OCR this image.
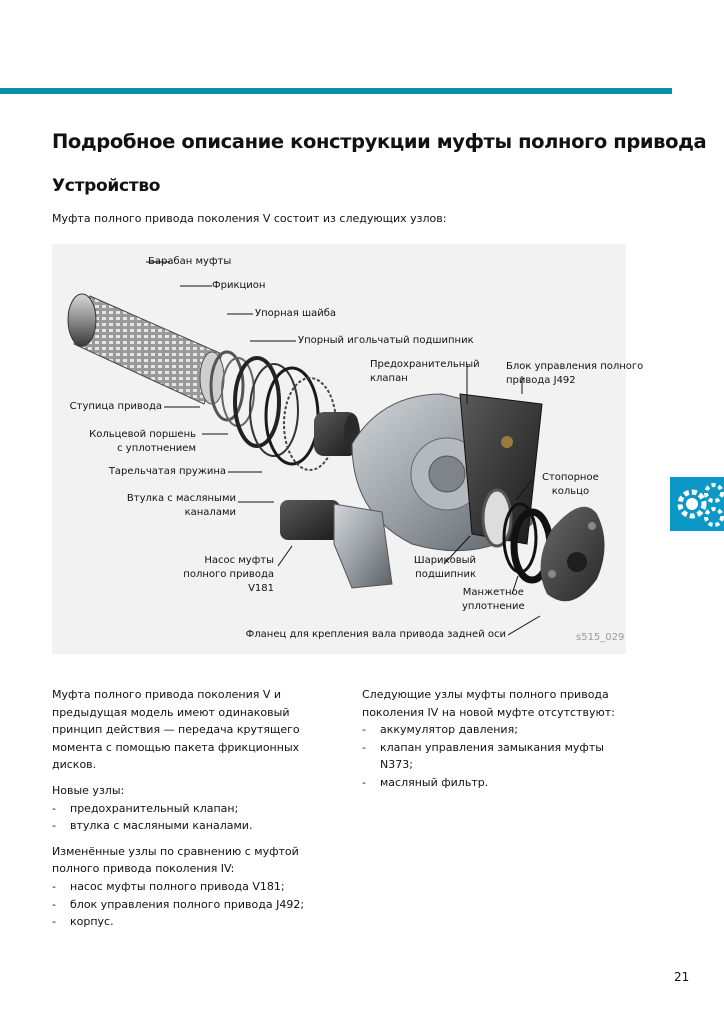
Подробное описание конструкции муфты полного привода
Устройство
Муфта полного привода поколения V состоит из следующих узлов:
Барабан муфты
Фрикцион
Упорная шайба
Упорный игольчатый подшипник
Предохранительный
клапан
Блок управления полного
привода J492
Ступица привода
Кольцевой поршень
с уплотнением
Тарельчатая пружина
Втулка с масляными
каналами
Стопорное
кольцо
Насос муфты
полного привода
V181
Шариковый
подшипник
Манжетное
уплотнение
Фланец для крепления вала привода задней оси	s515_029

Муфта полного привода поколения V и предыдущая модель имеют одинаковый принцип действия — передача крутящего момента с помощью пакета фрикционных дисков.

Новые узлы:
- предохранительный клапан;
- втулка с масляными каналами.
Изменённые узлы по сравнению с муфтой полного привода поколения IV:
- насос муфты полного привода V181;
- блок управления полного привода J492;
- корпус.

Следующие узлы муфты полного привода поколения IV на новой муфте отсутствуют:

- аккумулятор давления;
- клапан управления замыкания муфты N373;
- масляный фильтр.
21
